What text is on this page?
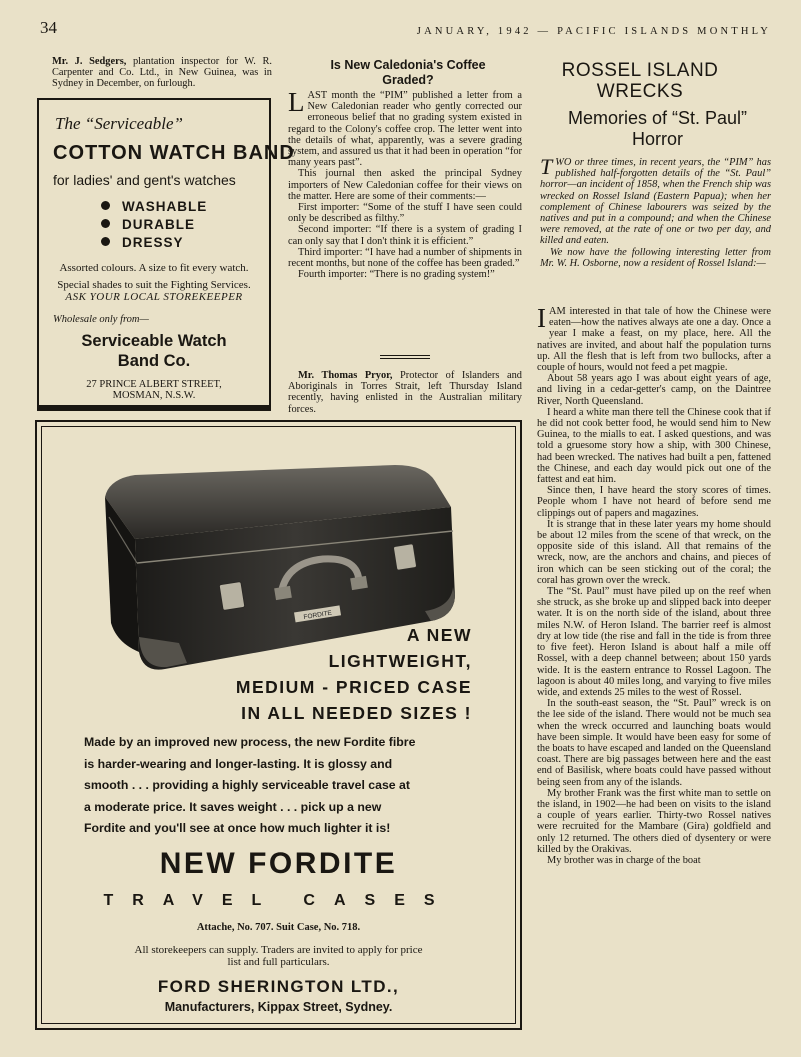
34	JANUARY, 1942 — PACIFIC ISLANDS MONTHLY
Mr. J. Sedgers, plantation inspector for W. R. Carpenter and Co. Ltd., in New Guinea, was in Sydney in December, on furlough.
The “Serviceable”
COTTON WATCH BAND
for ladies' and gent's watches
WASHABLE
DURABLE
DRESSY
Assorted colours. A size to fit every watch.
Special shades to suit the Fighting Services.
ASK YOUR LOCAL STOREKEEPER
Wholesale only from—
Serviceable Watch
Band Co.
27 PRINCE ALBERT STREET,
MOSMAN, N.S.W.
Is New Caledonia's Coffee
Graded?

LAST month the “PIM” published a letter from a New Caledonian reader who gently corrected our erroneous belief that no grading system existed in regard to the Colony's coffee crop. The letter went into the details of what, apparently, was a severe grading system, and assured us that it had been in operation “for many years past”.

This journal then asked the principal Sydney importers of New Caledonian coffee for their views on the matter. Here are some of their comments:—

First importer: “Some of the stuff I have seen could only be described as filthy.”

Second importer: “If there is a system of grading I can only say that I don't think it is efficient.”

Third importer: “I have had a number of shipments in recent months, but none of the coffee has been graded.”

Fourth importer: “There is no grading system!”

Mr. Thomas Pryor, Protector of Islanders and Aboriginals in Torres Strait, left Thursday Island recently, having enlisted in the Australian military forces.

ROSSEL ISLAND
WRECKS
Memories of “St. Paul”
Horror

TWO or three times, in recent years, the “PIM” has published half-forgotten details of the “St. Paul” horror—an incident of 1858, when the French ship was wrecked on Rossel Island (Eastern Papua); when her complement of Chinese labourers was seized by the natives and put in a compound; and when the Chinese were removed, at the rate of one or two per day, and killed and eaten.

We now have the following interesting letter from Mr. W. H. Osborne, now a resident of Rossel Island:—

IAM interested in that tale of how the Chinese were eaten—how the natives always ate one a day. Once a year I make a feast, on my place, here. All the natives are invited, and about half the population turns up. All the flesh that is left from two bullocks, after a couple of hours, would not feed a pet magpie.

About 58 years ago I was about eight years of age, and living in a cedar-getter's camp, on the Daintree River, North Queensland.

I heard a white man there tell the Chinese cook that if he did not cook better food, he would send him to New Guinea, to the mialls to eat. I asked questions, and was told a gruesome story how a ship, with 300 Chinese, had been wrecked. The natives had built a pen, fattened the Chinese, and each day would pick out one of the fattest and eat him.

Since then, I have heard the story scores of times. People whom I have not heard of before send me clippings out of papers and magazines.

It is strange that in these later years my home should be about 12 miles from the scene of that wreck, on the opposite side of this island. All that remains of the wreck, now, are the anchors and chains, and pieces of iron which can be seen sticking out of the coral; the coral has grown over the wreck.

The “St. Paul” must have piled up on the reef when she struck, as she broke up and slipped back into deeper water. It is on the north side of the island, about three miles N.W. of Heron Island. The barrier reef is almost dry at low tide (the rise and fall in the tide is from three to five feet). Heron Island is about half a mile off Rossel, with a deep channel between; about 150 yards wide. It is the eastern entrance to Rossel Lagoon. The lagoon is about 40 miles long, and varying to five miles wide, and extends 25 miles to the west of Rossel.

In the south-east season, the “St. Paul” wreck is on the lee side of the island. There would not be much sea when the wreck occurred and launching boats would have been simple. It would have been easy for some of the boats to have escaped and landed on the Queensland coast. There are big passages between here and the east end of Basilisk, where boats could have passed without being seen from any of the islands.

My brother Frank was the first white man to settle on the island, in 1902—he had been on visits to the island a couple of years earlier. Thirty-two Rossel natives were recruited for the Mambare (Gira) goldfield and only 12 returned. The others died of dysentery or were killed by the Orakivas.

My brother was in charge of the boat

FORDITE
A NEW
LIGHTWEIGHT,
MEDIUM - PRICED CASE
IN ALL NEEDED SIZES !
Made by an improved new process, the new Fordite fibre
is harder-wearing and longer-lasting. It is glossy and
smooth . . . providing a highly serviceable travel case at
a moderate price. It saves weight . . . pick up a new
Fordite and you'll see at once how much lighter it is!
NEW FORDITE
TRAVEL CASES
Attache, No. 707. Suit Case, No. 718.
All storekeepers can supply. Traders are invited to apply for price
list and full particulars.
FORD SHERINGTON LTD.,
Manufacturers, Kippax Street, Sydney.
